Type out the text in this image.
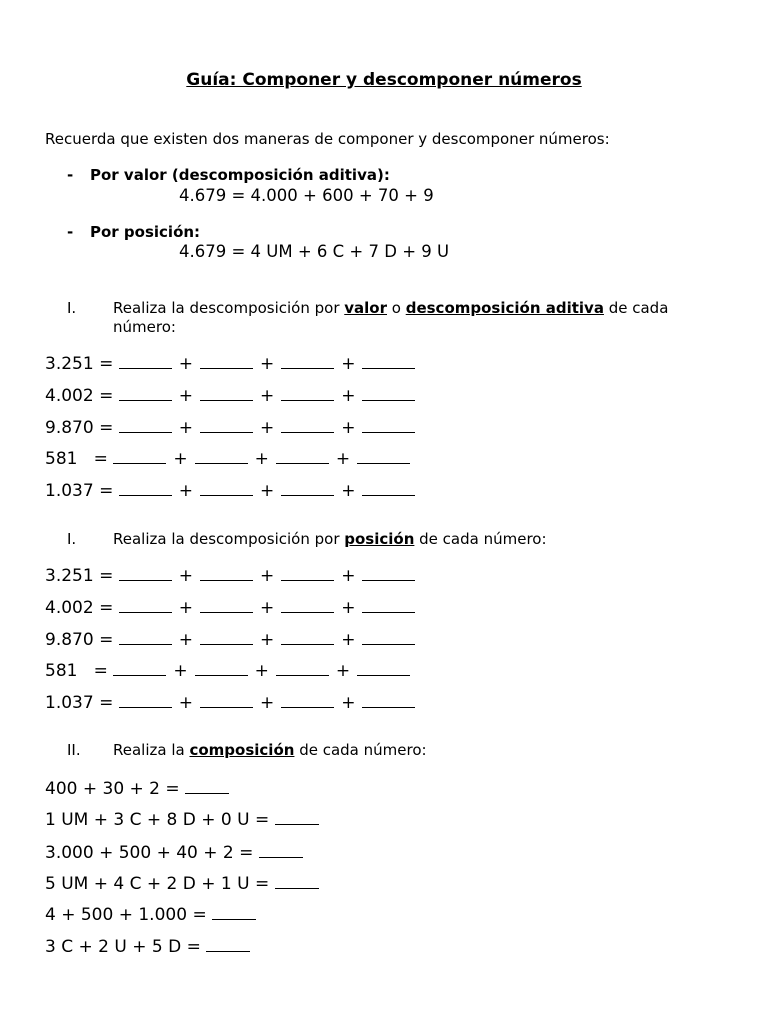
Guía: Componer y descomponer números
Recuerda que existen dos maneras de componer y descomponer números:
- Por valor (descomposición aditiva):
4.679 = 4.000 + 600 + 70 + 9
- Por posición:
4.679 = 4 UM + 6 C + 7 D + 9 U
I. Realiza la descomposición por valor o descomposición aditiva de cada número:
3.251 =	+	+	+
4.002 =	+	+	+
9.870 =	+	+	+
581   =	+	+	+
1.037 =	+	+	+
I. Realiza la descomposición por posición de cada número:
3.251 =	+	+	+
4.002 =	+	+	+
9.870 =	+	+	+
581   =	+	+	+
1.037 =	+	+	+
II. Realiza la composición de cada número:
400 + 30 + 2 =
1 UM + 3 C + 8 D + 0 U =
3.000 + 500 + 40 + 2 =
5 UM + 4 C + 2 D + 1 U =
4 + 500 + 1.000 =
3 C + 2 U + 5 D =
